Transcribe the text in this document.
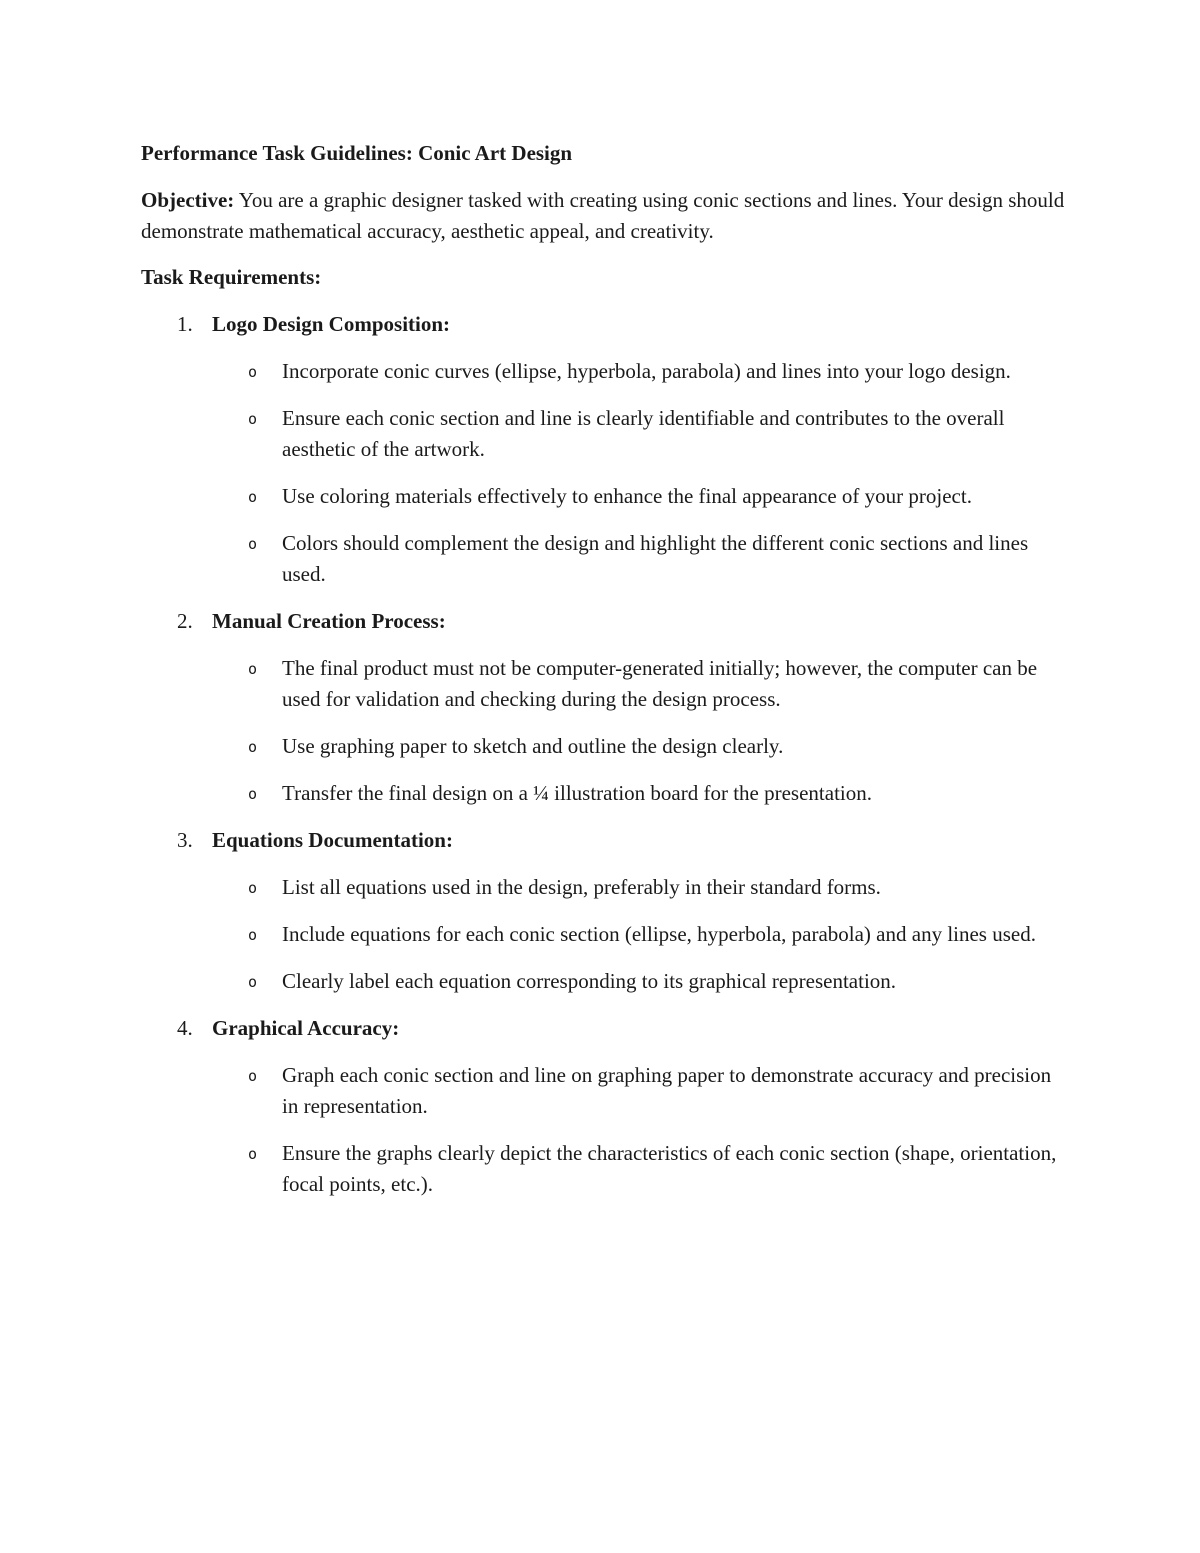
Performance Task Guidelines: Conic Art Design
Objective: You are a graphic designer tasked with creating using conic sections and lines. Your design should demonstrate mathematical accuracy, aesthetic appeal, and creativity.
Task Requirements:
1. Logo Design Composition:
o Incorporate conic curves (ellipse, hyperbola, parabola) and lines into your logo design.
o Ensure each conic section and line is clearly identifiable and contributes to the overall aesthetic of the artwork.
o Use coloring materials effectively to enhance the final appearance of your project.
o Colors should complement the design and highlight the different conic sections and lines used.
2. Manual Creation Process:
o The final product must not be computer-generated initially; however, the computer can be used for validation and checking during the design process.
o Use graphing paper to sketch and outline the design clearly.
o Transfer the final design on a ¼ illustration board for the presentation.
3. Equations Documentation:
o List all equations used in the design, preferably in their standard forms.
o Include equations for each conic section (ellipse, hyperbola, parabola) and any lines used.
o Clearly label each equation corresponding to its graphical representation.
4. Graphical Accuracy:
o Graph each conic section and line on graphing paper to demonstrate accuracy and precision in representation.
o Ensure the graphs clearly depict the characteristics of each conic section (shape, orientation, focal points, etc.).
